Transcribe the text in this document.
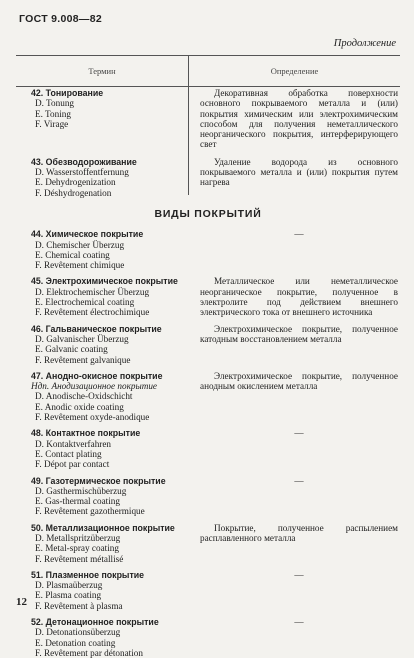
ГОСТ 9.008—82
Продолжение
Термин	Определение
42. Тонирование
D. Tonung
E. Toning
F. Virage
Декоративная обработка поверхности основного покрываемого металла и (или) покрытия химическим или электрохимическим способом для получения неметаллического неорганического покрытия, интерферирующего свет
43. Обезводороживание
D. Wasserstoffentfernung
E. Dehydrogenization
F. Déshydrogenation
Удаление водорода из основного покрываемого металла и (или) покрытия путем нагрева
ВИДЫ ПОКРЫТИЙ
44. Химическое покрытие
D. Chemischer Überzug
E. Chemical coating
F. Revêtement chimique
—
45. Электрохимическое покрытие
D. Elektrochemischer Überzug
E. Electrochemical coating
F. Revêtement électrochimique
Металлическое или неметаллическое неорганическое покрытие, полученное в электролите под действием внешнего электрического тока от внешнего источника
46. Гальваническое покрытие
D. Galvanischer Überzug
E. Galvanic coating
F. Revêtement galvanique
Электрохимическое покрытие, полученное катодным восстановлением металла
47. Анодно-окисное покрытие
Ндп. Анодизационное покрытие
D. Anodische-Oxidschicht
E. Anodic oxide coating
F. Revêtement oxyde-anodique
Электрохимическое покрытие, полученное анодным окислением металла
48. Контактное покрытие
D. Kontaktverfahren
E. Contact plating
F. Dépot par contact
—
49. Газотермическое покрытие
D. Gasthermischüberzug
E. Gas-thermal coating
F. Revêtement gazothermique
—
50. Металлизационное покрытие
D. Metallspritzüberzug
E. Metal-spray coating
F. Revêtement métallisé
Покрытие, полученное распылением расплавленного металла
51. Плазменное покрытие
D. Plasmaüberzug
E. Plasma coating
F. Revêtement à plasma
—
52. Детонационное покрытие
D. Detonationsüberzug
E. Detonation coating
F. Revêtement par détonation
—
12
